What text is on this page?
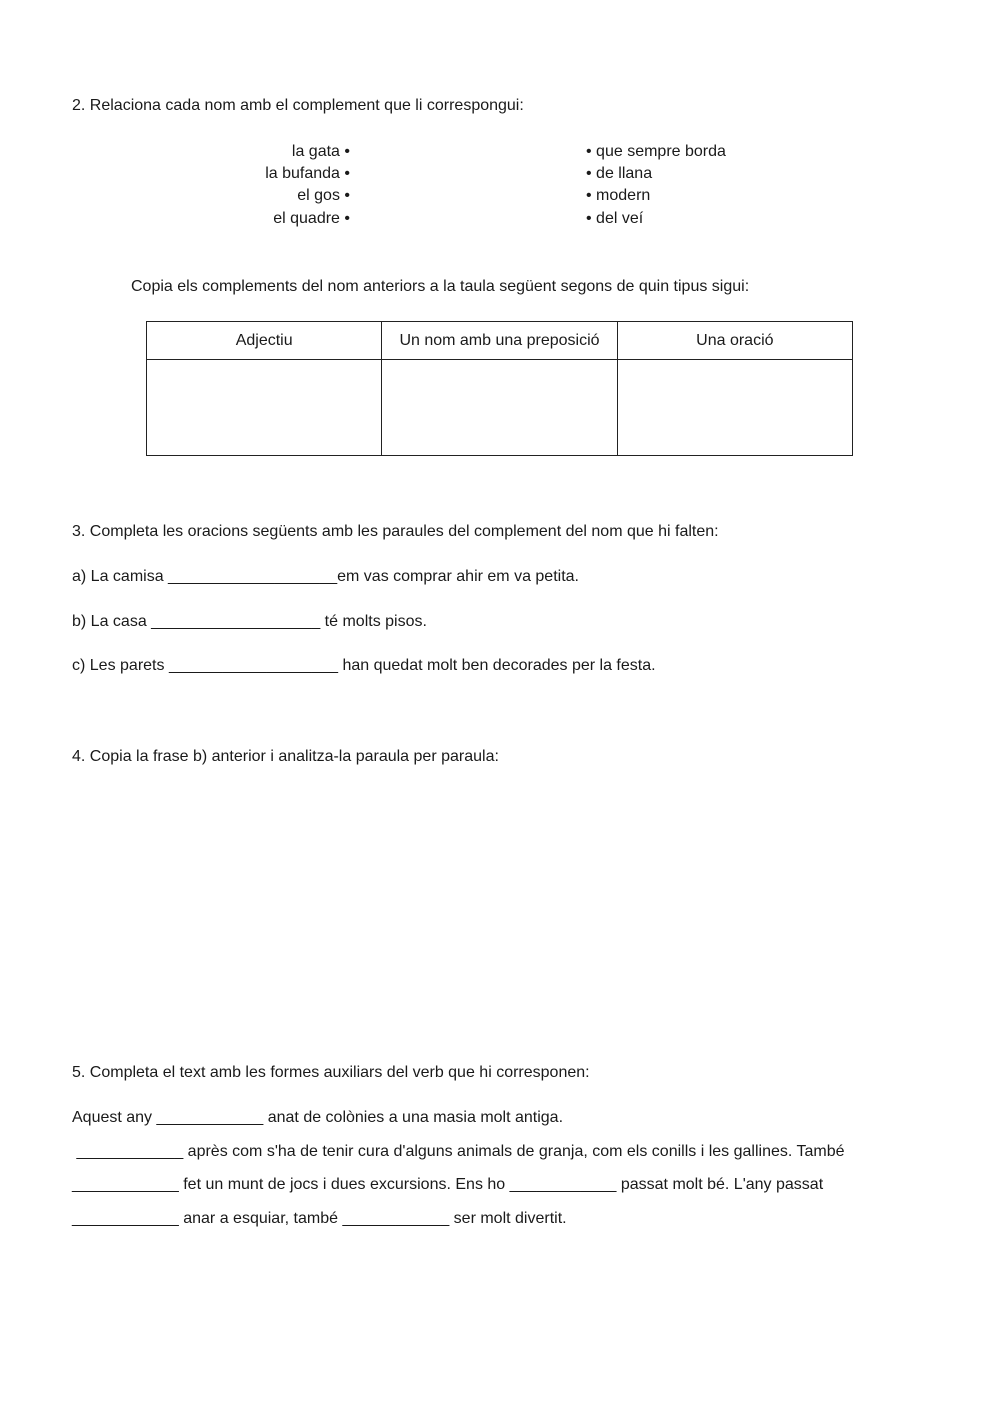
2. Relaciona cada nom amb el complement que li correspongui:
la gata •
la bufanda •
el gos •
el quadre •
• que sempre borda
• de llana
• modern
• del veí
Copia els complements del nom anteriors a la taula següent segons de quin tipus sigui:
Adjectiu	Un nom amb una preposició	Una oració

3. Completa les oracions següents amb les paraules del complement del nom que hi falten:
a) La camisa ___________________em vas comprar ahir em va petita.
b) La casa ___________________ té molts pisos.
c) Les parets ___________________ han quedat molt ben decorades per la festa.
4. Copia la frase b) anterior i analitza-la paraula per paraula:
5. Completa el text amb les formes auxiliars del verb que hi corresponen:
Aquest any ____________ anat de colònies a una masia molt antiga.
____________ après com s'ha de tenir cura d'alguns animals de granja, com els conills i les gallines. També
____________ fet un munt de jocs i dues excursions. Ens ho ____________ passat molt bé. L'any passat
____________ anar a esquiar, també ____________ ser molt divertit.
